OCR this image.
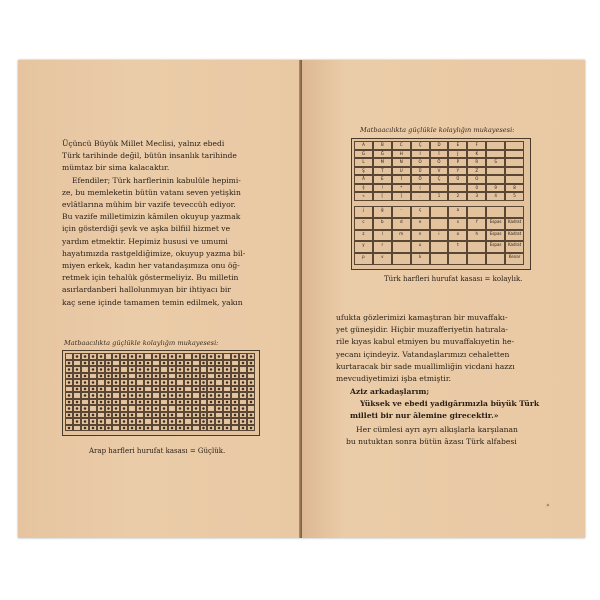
Üçüncü Büyük Millet Meclisi, yalnız ebedi

Türk tarihinde değil, bütün insanlık tarihinde

mümtaz bir sima kalacaktır.

Efendiler; Türk harflerinin kabulüle hepimi-

ze, bu memleketin bütün vatanı seven yetişkin

evlâtlarına mühim bir vazife teveccüh ediyor.

Bu vazife milletimizin kâmilen okuyup yazmak

için gösterdiği şevk ve aşka bilfiil hizmet ve

yardım etmektir. Hepimiz hususi ve umumi

hayatımızda rastgeldiğimize, okuyup yazma bil-

miyen erkek, kadın her vatandaşımıza onu öğ-

retmek için tehalük göstermeliyiz. Bu milletin

asırlardanberi hallolunmıyan bir ihtiyacı bir

kaç sene içinde tamamen temin edilmek, yakın

Matbaacılıkta güçlükle kolaylığın mukayesesi:
Arap harfleri hurufat kasası = Güçlük.
Matbaacılıkta güçlükle kolaylığın mukayesesi:
A	B	C	Ç	D	E	F
G	Ğ	H	I	İ	J	K
L	M	N	O	Ö	P	R	S
Ş	T	U	Ü	V	Y	Z
Â	E	İ	Ö	Ç	Ü	O
§	!	*	(	0	9	8
«	[	]	.	1	2	3	4	5
j	ğ	-	ç	a
c	b	d	e	s	f	Espas	Kadrat
z	l	m	n	i	o	h	Espas	Kadrat
y	r	u	t	Espas	Kadrat
p	v	k	Kenar
Türk harfleri hurufat kasası = kolaylık.

ufukta gözlerimizi kamaştıran bir muvaffakı-

yet güneşidir. Hiçbir muzafferiyetin hatırala-

rile kıyas kabul etmiyen bu muvaffakıyetin he-

yecanı içindeyiz. Vatandaşlarımızı cehaletten

kurtaracak bir sade muallimliğin vicdani hazzı

mevcudiyetimizi işba etmiştir.

Aziz arkadaşlarım;

Yüksek ve ebedi yadigârımızla büyük Türk

milleti bir nur âlemine girecektir.»

Her cümlesi ayrı ayrı alkışlarla karşılanan

bu nutuktan sonra bütün âzası Türk alfabesi

»
